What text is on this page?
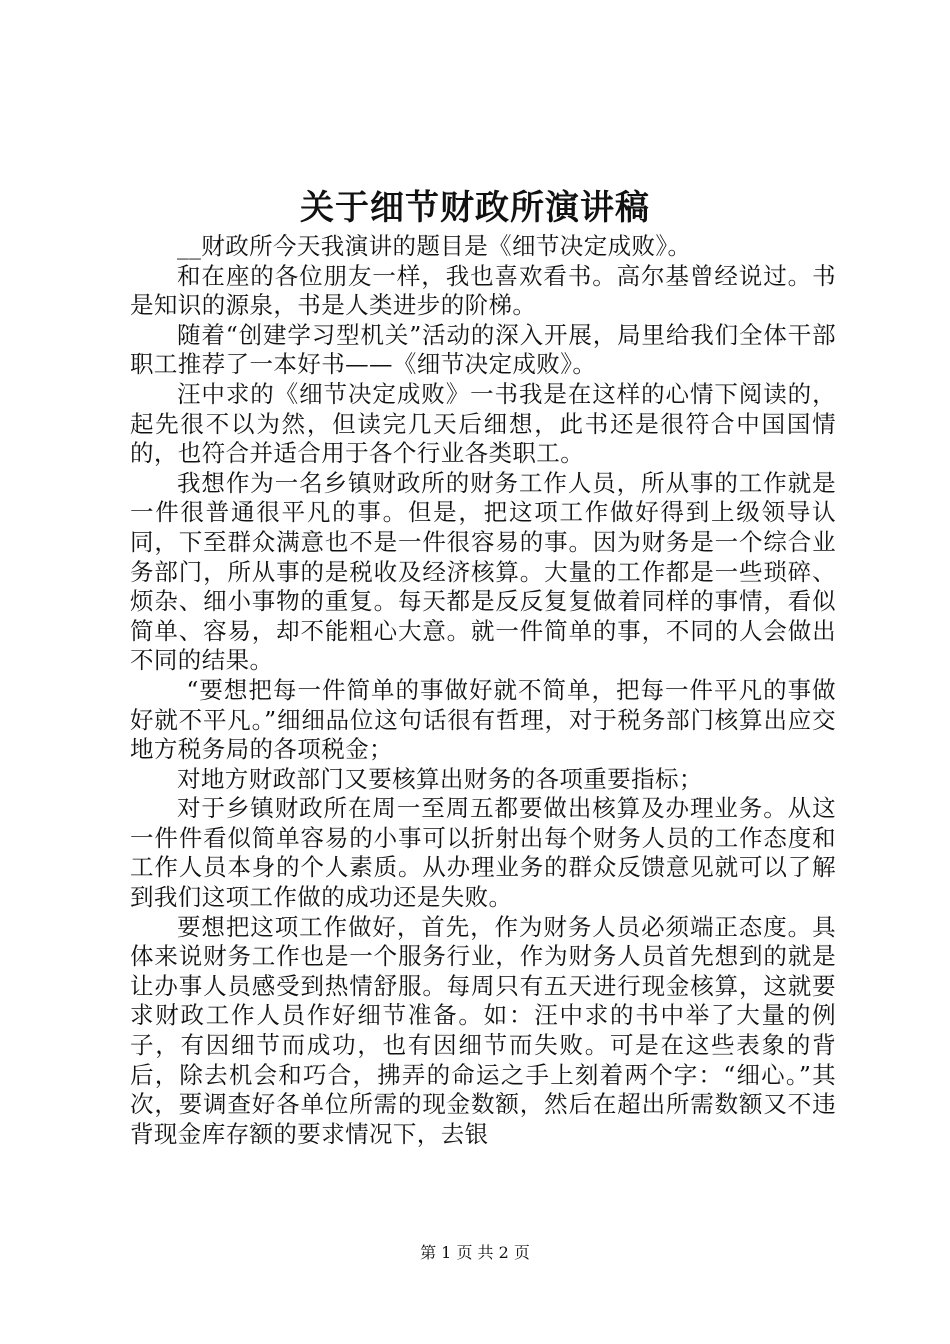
关于细节财政所演讲稿

__财政所今天我演讲的题目是《细节决定成败》。

和在座的各位朋友一样，我也喜欢看书。高尔基曾经说过。书是知识的源泉，书是人类进步的阶梯。

随着“创建学习型机关”活动的深入开展，局里给我们全体干部职工推荐了一本好书——《细节决定成败》。

汪中求的《细节决定成败》一书我是在这样的心情下阅读的，起先很不以为然，但读完几天后细想，此书还是很符合中国国情的，也符合并适合用于各个行业各类职工。

我想作为一名乡镇财政所的财务工作人员，所从事的工作就是一件很普通很平凡的事。但是，把这项工作做好得到上级领导认同，下至群众满意也不是一件很容易的事。因为财务是一个综合业务部门，所从事的是税收及经济核算。大量的工作都是一些琐碎、烦杂、细小事物的重复。每天都是反反复复做着同样的事情，看似简单、容易，却不能粗心大意。就一件简单的事，不同的人会做出不同的结果。

“要想把每一件简单的事做好就不简单，把每一件平凡的事做好就不平凡。”细细品位这句话很有哲理，对于税务部门核算出应交地方税务局的各项税金；

对地方财政部门又要核算出财务的各项重要指标；

对于乡镇财政所在周一至周五都要做出核算及办理业务。从这一件件看似简单容易的小事可以折射出每个财务人员的工作态度和工作人员本身的个人素质。从办理业务的群众反馈意见就可以了解到我们这项工作做的成功还是失败。

要想把这项工作做好，首先，作为财务人员必须端正态度。具体来说财务工作也是一个服务行业，作为财务人员首先想到的就是让办事人员感受到热情舒服。每周只有五天进行现金核算，这就要求财政工作人员作好细节准备。如：汪中求的书中举了大量的例子，有因细节而成功，也有因细节而失败。可是在这些表象的背后，除去机会和巧合，拂弄的命运之手上刻着两个字：“细心。”其次，要调查好各单位所需的现金数额，然后在超出所需数额又不违背现金库存额的要求情况下，去银

第 1 页 共 2 页
